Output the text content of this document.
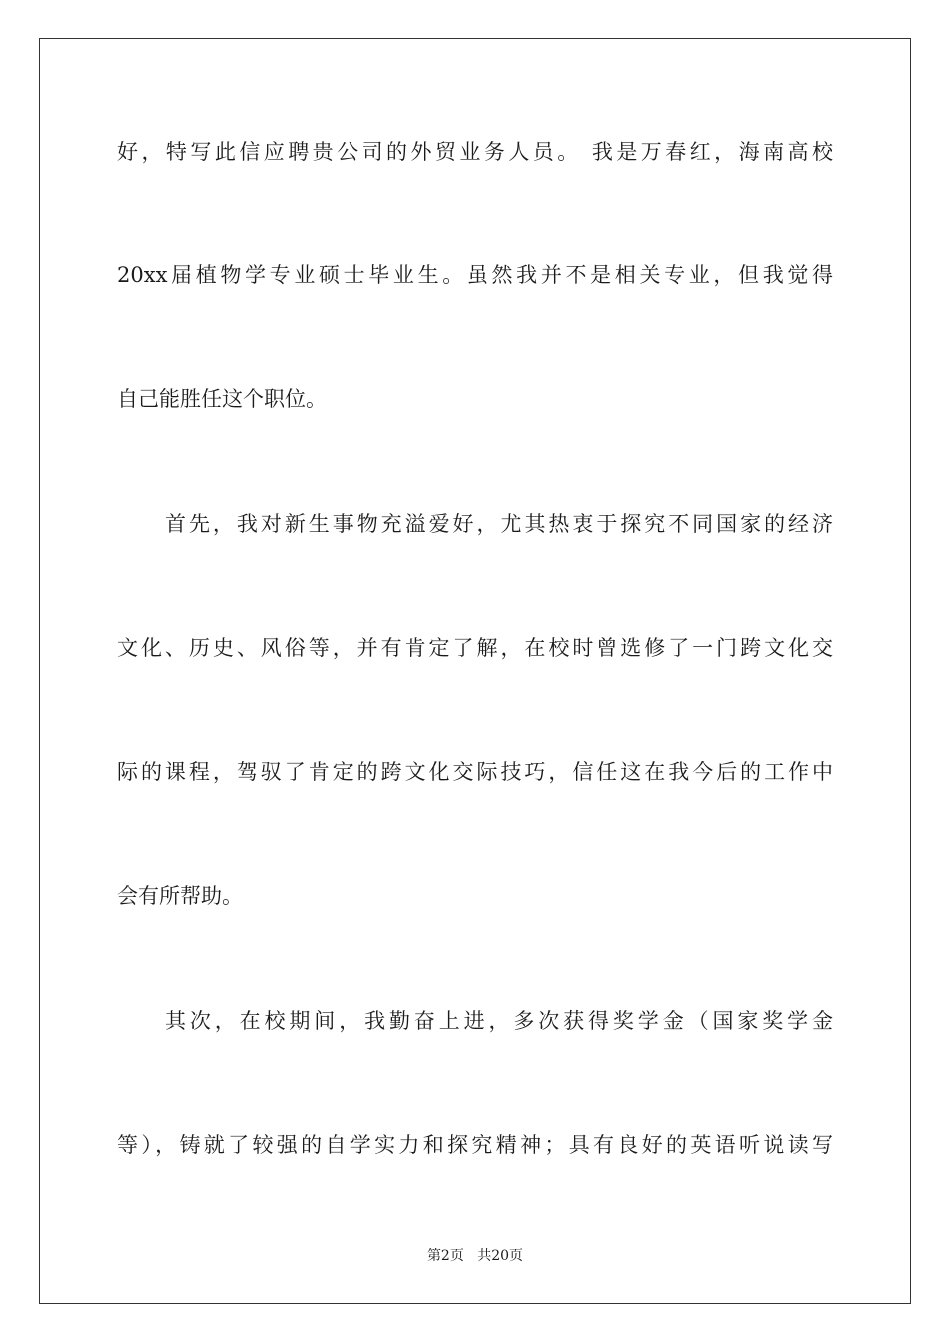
好，特写此信应聘贵公司的外贸业务人员。 我是万春红，海南高校
20xx届植物学专业硕士毕业生。虽然我并不是相关专业，但我觉得
自己能胜任这个职位。
首先，我对新生事物充溢爱好，尤其热衷于探究不同国家的经济
文化、历史、风俗等，并有肯定了解，在校时曾选修了一门跨文化交
际的课程，驾驭了肯定的跨文化交际技巧，信任这在我今后的工作中
会有所帮助。
其次，在校期间，我勤奋上进，多次获得奖学金（国家奖学金
等），铸就了较强的自学实力和探究精神；具有良好的英语听说读写
第2页 共20页
